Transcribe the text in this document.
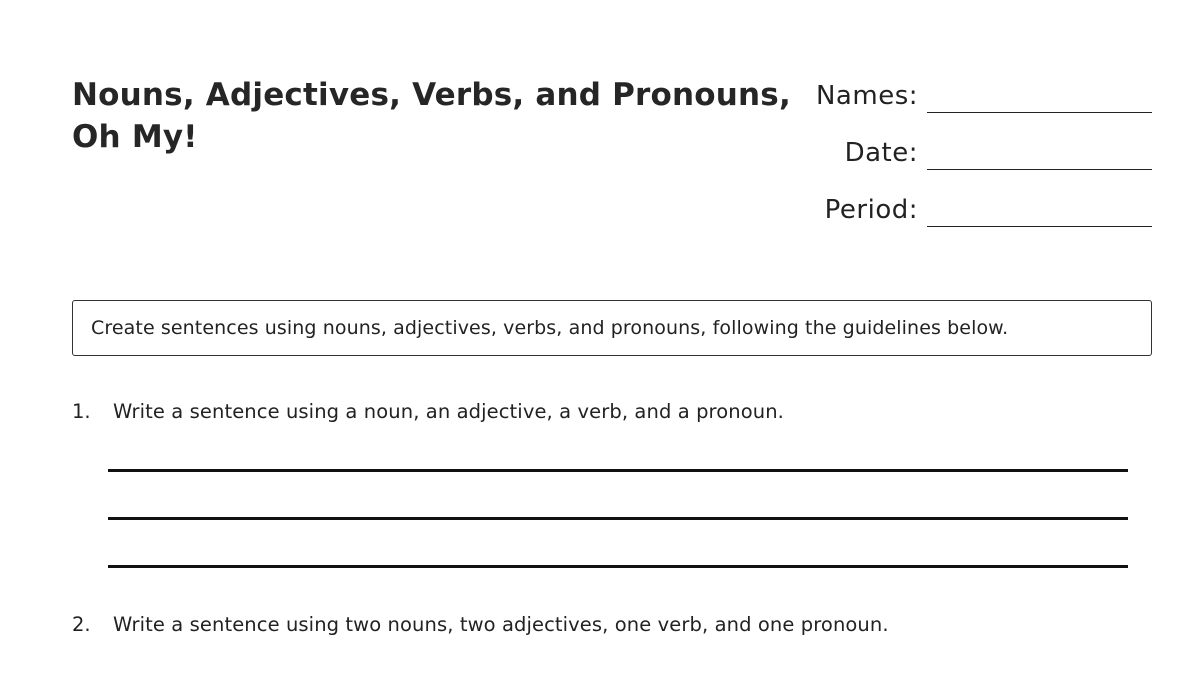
Nouns, Adjectives, Verbs, and Pronouns, Oh My!
Names:
Date:
Period:
Create sentences using nouns, adjectives, verbs, and pronouns, following the guidelines below.
1. Write a sentence using a noun, an adjective, a verb, and a pronoun.
2. Write a sentence using two nouns, two adjectives, one verb, and one pronoun.
